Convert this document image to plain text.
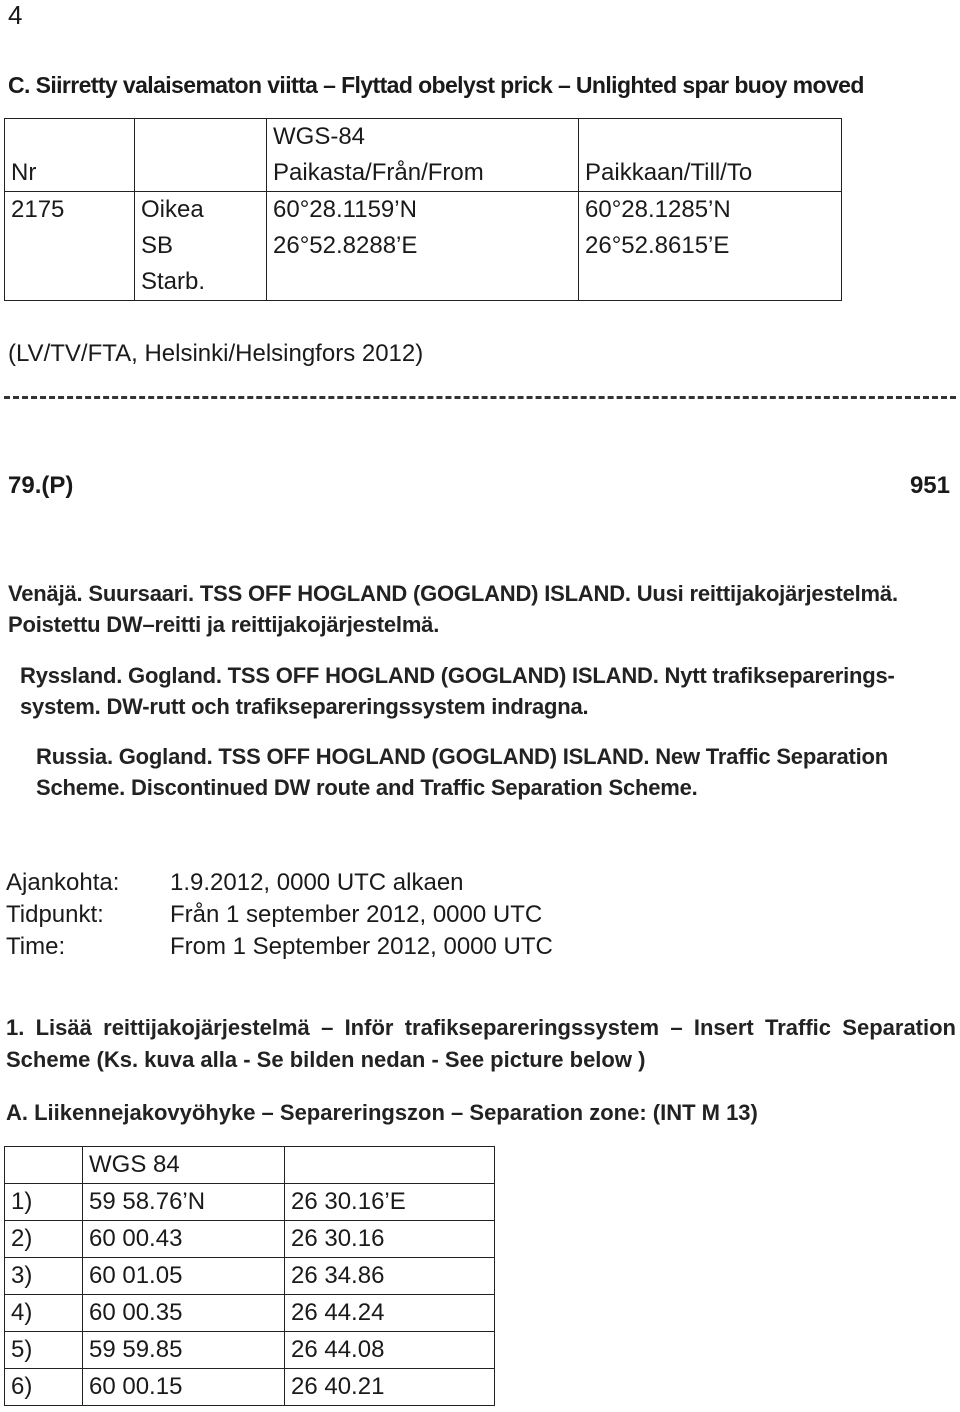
4
C. Siirretty valaisematon viitta – Flyttad obelyst prick – Unlighted spar buoy moved
		WGS-84	
Nr		Paikasta/Från/From	Paikkaan/Till/To
2175	Oikea	60°28.1159’N	60°28.1285’N
	SB	26°52.8288’E	26°52.8615’E
	Starb.		
(LV/TV/FTA, Helsinki/Helsingfors 2012)
79.(P)	951
Venäjä. Suursaari. TSS OFF HOGLAND (GOGLAND) ISLAND. Uusi reittijakojärjestelmä. Poistettu DW–reitti ja reittijakojärjestelmä.
Ryssland. Gogland. TSS OFF HOGLAND (GOGLAND) ISLAND. Nytt trafiksepareringssystem. DW-rutt och trafiksepareringssystem indragna.
Russia. Gogland. TSS OFF HOGLAND (GOGLAND) ISLAND. New Traffic Separation Scheme. Discontinued DW route and Traffic Separation Scheme.
Ajankohta: 1.9.2012, 0000 UTC alkaen
Tidpunkt:	Från 1 september 2012, 0000 UTC
Time:	From 1 September 2012, 0000 UTC
1. Lisää reittijakojärjestelmä – Inför trafiksepareringssystem – Insert Traffic Separation Scheme (Ks. kuva alla - Se bilden nedan - See picture below )
A. Liikennejakovyöhyke – Separeringszon – Separation zone: (INT M 13)
	WGS 84	
1)	59 58.76’N	26 30.16’E
2)	60 00.43	26 30.16
3)	60 01.05	26 34.86
4)	60 00.35	26 44.24
5)	59 59.85	26 44.08
6)	60 00.15	26 40.21
